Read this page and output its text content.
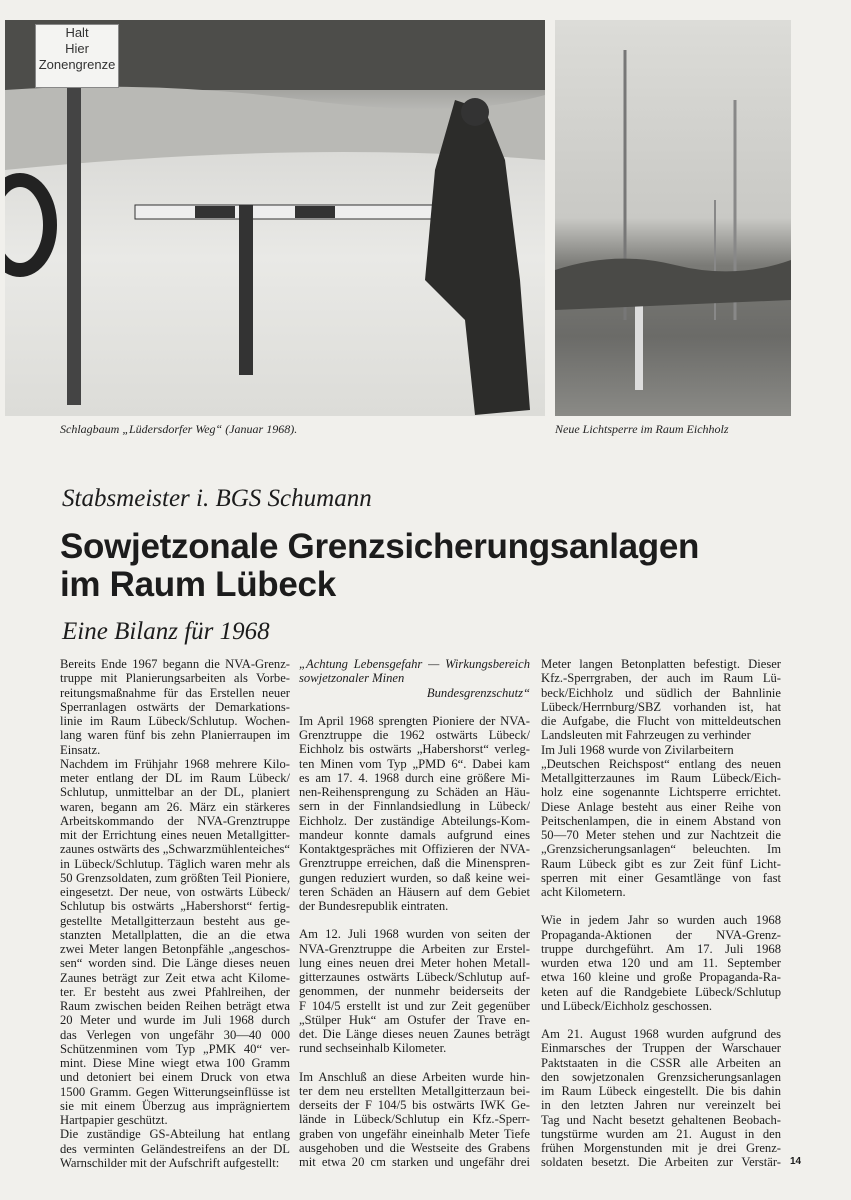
Halt
Hier
Zonengrenze
Schlagbaum „Lüdersdorfer Weg“ (Januar 1968).	Neue Lichtsperre im Raum Eichholz
Stabsmeister i. BGS Schumann
Sowjetzonale Grenzsicherungsanlagen
im Raum Lübeck
Eine Bilanz für 1968
Bereits Ende 1967 begann die NVA-Grenz-
truppe mit Planierungsarbeiten als Vorbe-
reitungsmaßnahme für das Erstellen neuer
Sperranlagen ostwärts der Demarkations-
linie im Raum Lübeck/Schlutup. Wochen-
lang waren fünf bis zehn Planierraupen im
Einsatz.
Nachdem im Frühjahr 1968 mehrere Kilo-
meter entlang der DL im Raum Lübeck/
Schlutup, unmittelbar an der DL, planiert
waren, begann am 26. März ein stärkeres
Arbeitskommando der NVA-Grenztruppe
mit der Errichtung eines neuen Metallgitter-
zaunes ostwärts des „Schwarzmühlenteiches“
in Lübeck/Schlutup. Täglich waren mehr als
50 Grenzsoldaten, zum größten Teil Pioniere,
eingesetzt. Der neue, von ostwärts Lübeck/
Schlutup bis ostwärts „Habershorst“ fertig-
gestellte Metallgitterzaun besteht aus ge-
stanzten Metallplatten, die an die etwa
zwei Meter langen Betonpfähle „angeschos-
sen“ worden sind. Die Länge dieses neuen
Zaunes beträgt zur Zeit etwa acht Kilome-
ter. Er besteht aus zwei Pfahlreihen, der
Raum zwischen beiden Reihen beträgt etwa
20 Meter und wurde im Juli 1968 durch
das Verlegen von ungefähr 30—40 000
Schützenminen vom Typ „PMK 40“ ver-
mint. Diese Mine wiegt etwa 100 Gramm
und detoniert bei einem Druck von etwa
1500 Gramm. Gegen Witterungseinflüsse ist
sie mit einem Überzug aus imprägniertem
Hartpapier geschützt.
Die zuständige GS-Abteilung hat entlang
des verminten Geländestreifens an der DL
Warnschilder mit der Aufschrift aufgestellt:
„Achtung Lebensgefahr — Wirkungsbereich
sowjetzonaler Minen
Bundesgrenzschutz“
Im April 1968 sprengten Pioniere der NVA-
Grenztruppe die 1962 ostwärts Lübeck/
Eichholz bis ostwärts „Habershorst“ verleg-
ten Minen vom Typ „PMD 6“. Dabei kam
es am 17. 4. 1968 durch eine größere Mi-
nen-Reihensprengung zu Schäden an Häu-
sern in der Finnlandsiedlung in Lübeck/
Eichholz. Der zuständige Abteilungs-Kom-
mandeur konnte damals aufgrund eines
Kontaktgespräches mit Offizieren der NVA-
Grenztruppe erreichen, daß die Minenspren-
gungen reduziert wurden, so daß keine wei-
teren Schäden an Häusern auf dem Gebiet
der Bundesrepublik eintraten.
Am 12. Juli 1968 wurden von seiten der
NVA-Grenztruppe die Arbeiten zur Erstel-
lung eines neuen drei Meter hohen Metall-
gitterzaunes ostwärts Lübeck/Schlutup auf-
genommen, der nunmehr beiderseits der
F 104/5 erstellt ist und zur Zeit gegenüber
„Stülper Huk“ am Ostufer der Trave en-
det. Die Länge dieses neuen Zaunes beträgt
rund sechseinhalb Kilometer.
Im Anschluß an diese Arbeiten wurde hin-
ter dem neu erstellten Metallgitterzaun bei-
derseits der F 104/5 bis ostwärts IWK Ge-
lände in Lübeck/Schlutup ein Kfz.-Sperr-
graben von ungefähr eineinhalb Meter Tiefe
ausgehoben und die Westseite des Grabens
mit etwa 20 cm starken und ungefähr drei
Meter langen Betonplatten befestigt. Dieser
Kfz.-Sperrgraben, der auch im Raum Lü-
beck/Eichholz und südlich der Bahnlinie
Lübeck/Herrnburg/SBZ vorhanden ist, hat
die Aufgabe, die Flucht von mitteldeutschen
Landsleuten mit Fahrzeugen zu verhinder
Im Juli 1968 wurde von Zivilarbeitern
„Deutschen Reichspost“ entlang des neuen
Metallgitterzaunes im Raum Lübeck/Eich-
holz eine sogenannte Lichtsperre errichtet.
Diese Anlage besteht aus einer Reihe von
Peitschenlampen, die in einem Abstand von
50—70 Meter stehen und zur Nachtzeit die
„Grenzsicherungsanlagen“ beleuchten. Im
Raum Lübeck gibt es zur Zeit fünf Licht-
sperren mit einer Gesamtlänge von fast
acht Kilometern.
Wie in jedem Jahr so wurden auch 1968
Propaganda-Aktionen der NVA-Grenz-
truppe durchgeführt. Am 17. Juli 1968
wurden etwa 120 und am 11. September
etwa 160 kleine und große Propaganda-Ra-
keten auf die Randgebiete Lübeck/Schlutup
und Lübeck/Eichholz geschossen.
Am 21. August 1968 wurden aufgrund des
Einmarsches der Truppen der Warschauer
Paktstaaten in die CSSR alle Arbeiten an
den sowjetzonalen Grenzsicherungsanlagen
im Raum Lübeck eingestellt. Die bis dahin
in den letzten Jahren nur vereinzelt bei
Tag und Nacht besetzt gehaltenen Beobach-
tungstürme wurden am 21. August in den
frühen Morgenstunden mit je drei Grenz-
soldaten besetzt. Die Arbeiten zur Verstär- 14
